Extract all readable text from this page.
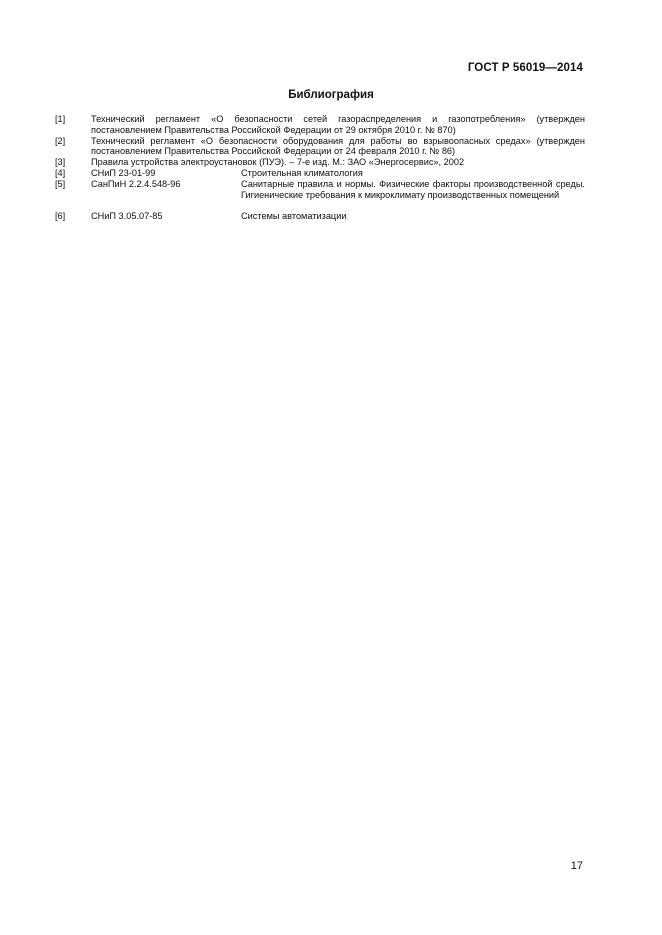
ГОСТ Р 56019—2014
Библиография
[1]	Технический регламент «О безопасности сетей газораспределения и газопотребления» (утвержден постановлением Правительства Российской Федерации от 29 октября 2010 г. № 870)
[2]	Технический регламент «О безопасности оборудования для работы во взрывоопасных средах» (утвержден постановлением Правительства Российской Федерации от 24 февраля 2010 г. № 86)
[3]	Правила устройства электроустановок (ПУЭ). – 7-е изд. М.: ЗАО «Энергосервис», 2002
[4]	СНиП 23-01-99	Строительная климатология
[5]	СанПиН 2.2.4.548-96	Санитарные правила и нормы. Физические факторы производственной среды. Гигиенические требования к микроклимату производственных помещений
[6]	СНиП 3.05.07-85	Системы автоматизации
17
